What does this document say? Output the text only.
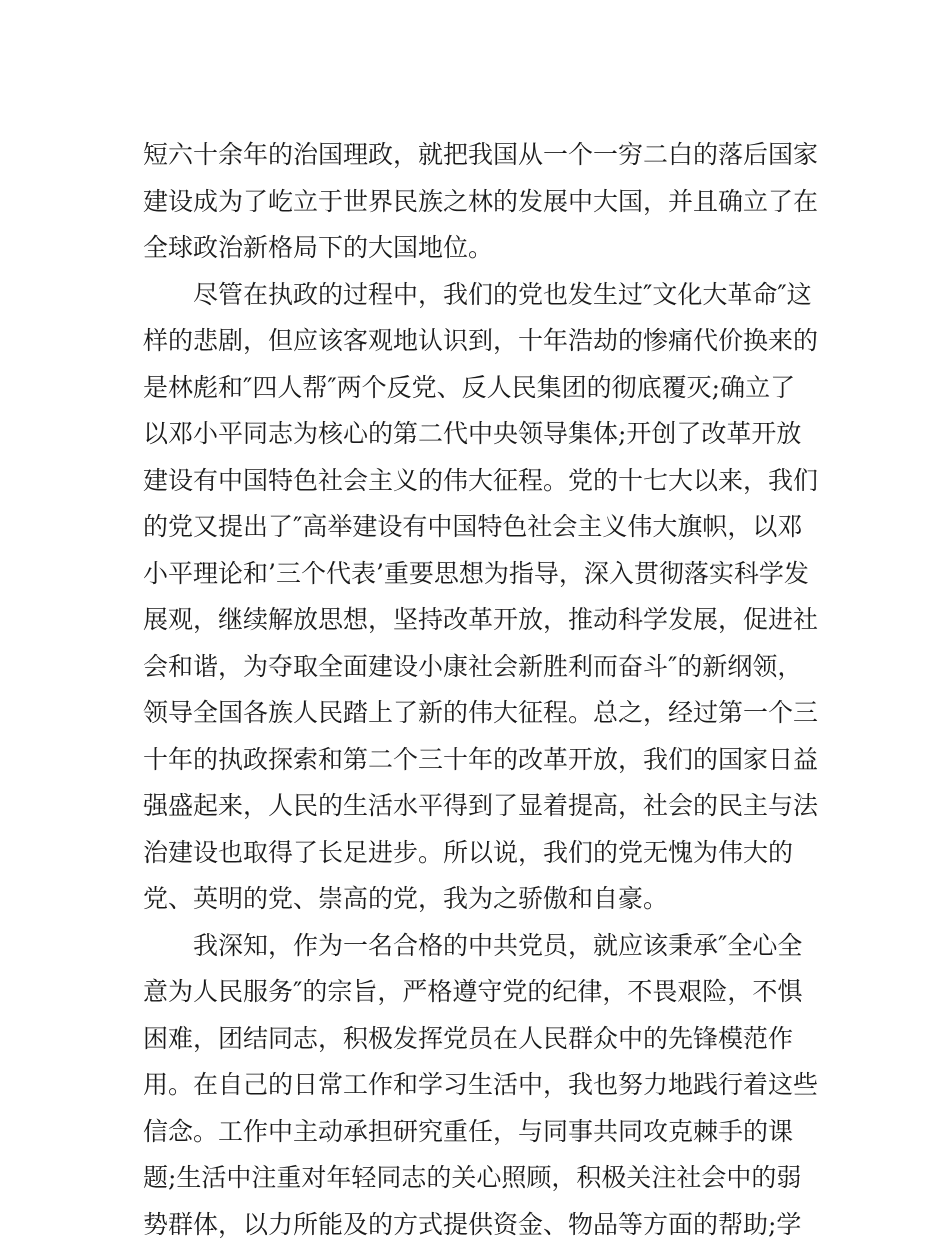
短六十余年的治国理政，就把我国从一个一穷二白的落后国家
建设成为了屹立于世界民族之林的发展中大国，并且确立了在
全球政治新格局下的大国地位。
尽管在执政的过程中，我们的党也发生过″文化大革命″这
样的悲剧，但应该客观地认识到，十年浩劫的惨痛代价换来的
是林彪和″四人帮″两个反党、反人民集团的彻底覆灭;确立了
以邓小平同志为核心的第二代中央领导集体;开创了改革开放
建设有中国特色社会主义的伟大征程。党的十七大以来，我们
的党又提出了″高举建设有中国特色社会主义伟大旗帜，以邓
小平理论和’三个代表’重要思想为指导，深入贯彻落实科学发
展观，继续解放思想，坚持改革开放，推动科学发展，促进社
会和谐，为夺取全面建设小康社会新胜利而奋斗″的新纲领，
领导全国各族人民踏上了新的伟大征程。总之，经过第一个三
十年的执政探索和第二个三十年的改革开放，我们的国家日益
强盛起来，人民的生活水平得到了显着提高，社会的民主与法
治建设也取得了长足进步。所以说，我们的党无愧为伟大的
党、英明的党、崇高的党，我为之骄傲和自豪。
我深知，作为一名合格的中共党员，就应该秉承″全心全
意为人民服务″的宗旨，严格遵守党的纪律，不畏艰险，不惧
困难，团结同志，积极发挥党员在人民群众中的先锋模范作
用。在自己的日常工作和学习生活中，我也努力地践行着这些
信念。工作中主动承担研究重任，与同事共同攻克棘手的课
题;生活中注重对年轻同志的关心照顾，积极关注社会中的弱
势群体，以力所能及的方式提供资金、物品等方面的帮助;学
